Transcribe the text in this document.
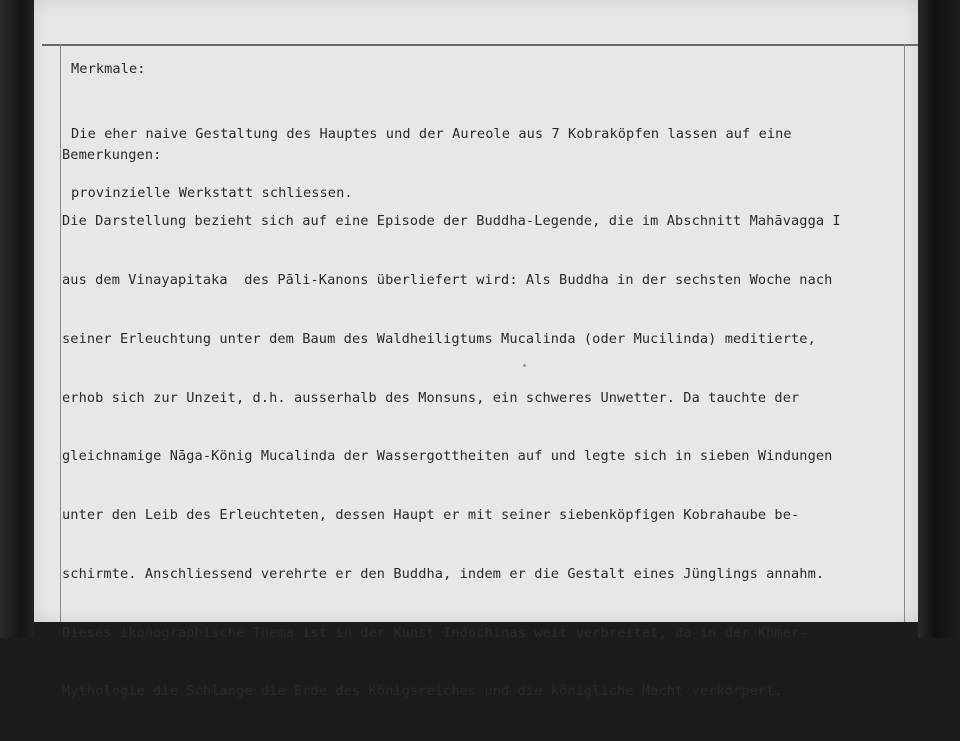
Merkmale:

Die eher naive Gestaltung des Hauptes und der Aureole aus 7 Kobraköpfen lassen auf eine

provinzielle Werkstatt schliessen.

Bemerkungen:

Die Darstellung bezieht sich auf eine Episode der Buddha-Legende, die im Abschnitt Mahāvagga I

aus dem Vinayapitaka  des Pāli-Kanons überliefert wird: Als Buddha in der sechsten Woche nach

seiner Erleuchtung unter dem Baum des Waldheiligtums Mucalinda (oder Mucilinda) meditierte,

erhob sich zur Unzeit, d.h. ausserhalb des Monsuns, ein schweres Unwetter. Da tauchte der

gleichnamige Nāga-König Mucalinda der Wassergottheiten auf und legte sich in sieben Windungen

unter den Leib des Erleuchteten, dessen Haupt er mit seiner siebenköpfigen Kobrahaube be-

schirmte. Anschliessend verehrte er den Buddha, indem er die Gestalt eines Jünglings annahm.

Dieses ikonographische Thema ist in der Kunst Indochinas weit verbreitet, da in der Khmer-

Mythologie die Schlange die Erde des Königsreiches und die königliche Macht verkörpert.
